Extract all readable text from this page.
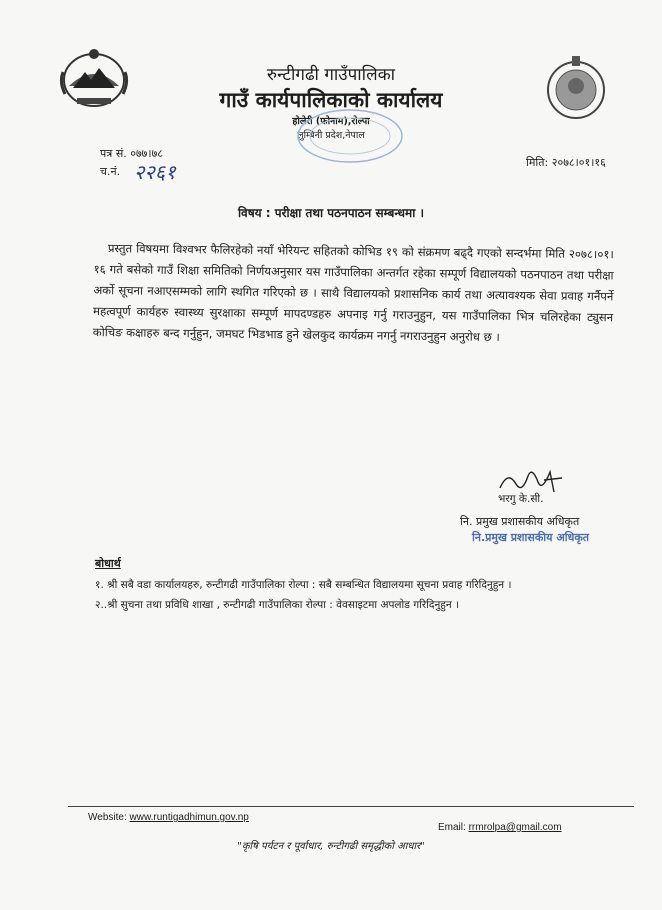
रुन्टीगढी गाउँपालिका
गाउँ कार्यपालिकाको कार्यालय
होलेरी (फोनाम),रोल्पा
लुम्बिनी प्रदेश,नेपाल
पत्र सं. ०७७।७८
च.नं. २२६१	मिति: २०७८।०१।१६
विषय : परीक्षा तथा पठनपाठन सम्बन्धमा ।
प्रस्तुत विषयमा विश्वभर फैलिरहेको नयाँ भेरियन्ट सहितको कोभिड १९ को संक्रमण बढ्दै गएको सन्दर्भमा मिति २०७८।०१।१६ गते बसेको गाउँ शिक्षा समितिको निर्णयअनुसार यस गाउँपालिका अन्तर्गत रहेका सम्पूर्ण विद्यालयको पठनपाठन तथा परीक्षा अर्को सूचना नआएसम्मको लागि स्थगित गरिएको छ । साथै विद्यालयको प्रशासनिक कार्य तथा अत्यावश्यक सेवा प्रवाह गर्नैपर्ने महत्वपूर्ण कार्यहरु स्वास्थ्य सुरक्षाका सम्पूर्ण मापदण्डहरु अपनाइ गर्नु गराउनुहुन, यस गाउँपालिका भित्र चलिरहेका ट्युसन कोचिङ कक्षाहरु बन्द गर्नुहुन, जमघट भिडभाड हुने खेलकुद कार्यक्रम नगर्नु नगराउनुहुन अनुरोध छ ।
भरगु के.सी.
नि. प्रमुख प्रशासकीय अधिकृत
नि.प्रमुख प्रशासकीय अधिकृत
बोधार्थ
१. श्री सबै वडा कार्यालयहरु, रुन्टीगढी गाउँपालिका रोल्पा : सबै सम्बन्धित विद्यालयमा सूचना प्रवाह गरिदिनुहुन ।
२..श्री सुचना तथा प्रविधि शाखा , रुन्टीगढी गाउँपालिका रोल्पा : वेवसाइटमा अपलोड गरिदिनुहुन ।
Website: www.runtigadhimun.gov.np
Email: rrmrolpa@gmail.com
"कृषि पर्यटन र पूर्वाधार, रुन्टीगढी समृद्धीको आधार"
